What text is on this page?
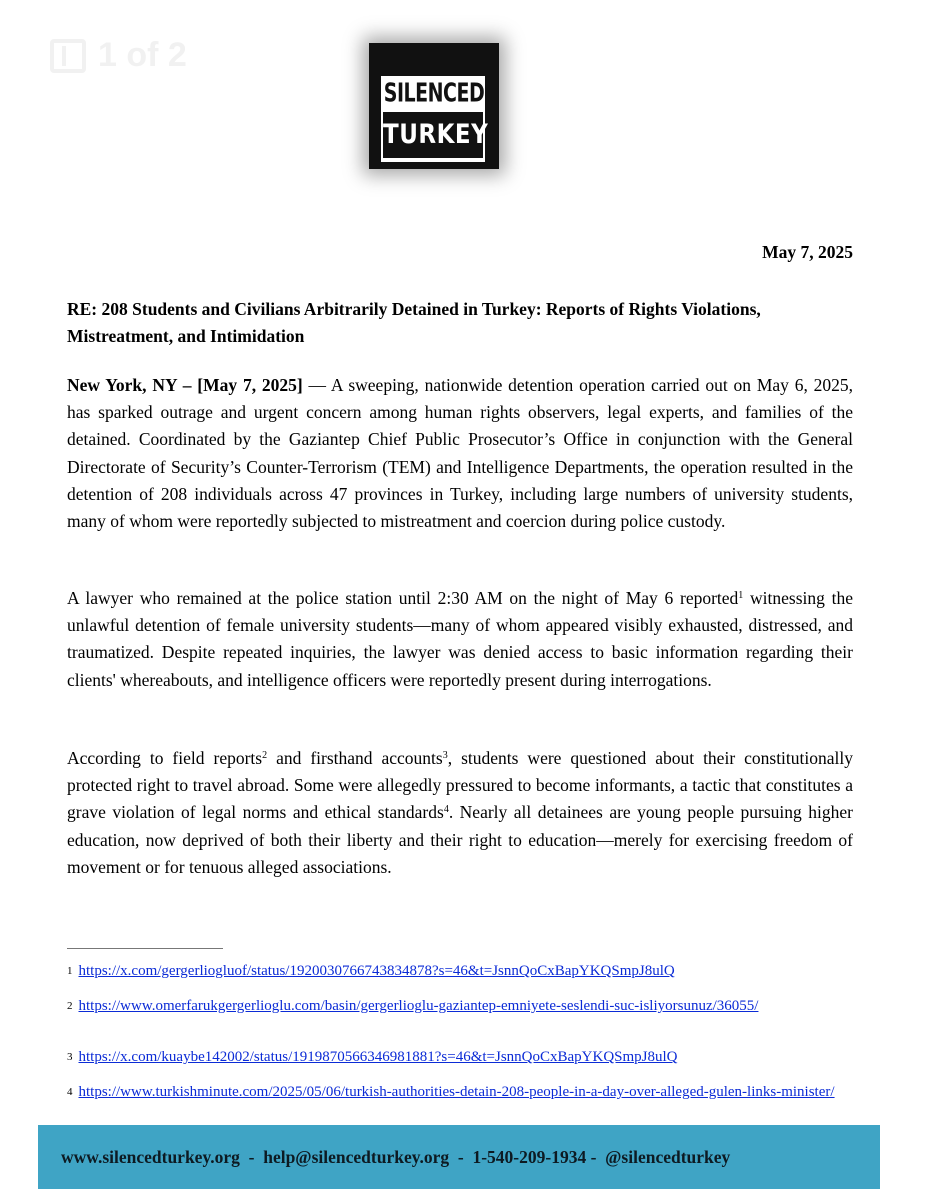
1 of 2
SILENCED
TURKEY
May 7, 2025

RE: 208 Students and Civilians Arbitrarily Detained in Turkey: Reports of Rights Violations, Mistreatment, and Intimidation

New York, NY – [May 7, 2025] — A sweeping, nationwide detention operation carried out on May 6, 2025, has sparked outrage and urgent concern among human rights observers, legal experts, and families of the detained. Coordinated by the Gaziantep Chief Public Prosecutor’s Office in conjunction with the General Directorate of Security’s Counter-Terrorism (TEM) and Intelligence Departments, the operation resulted in the detention of 208 individuals across 47 provinces in Turkey, including large numbers of university students, many of whom were reportedly subjected to mistreatment and coercion during police custody.

A lawyer who remained at the police station until 2:30 AM on the night of May 6 reported$^1$ witnessing the unlawful detention of female university students—many of whom appeared visibly exhausted, distressed, and traumatized. Despite repeated inquiries, the lawyer was denied access to basic information regarding their clients' whereabouts, and intelligence officers were reportedly present during interrogations.

According to field reports$^2$ and firsthand accounts$^3$, students were questioned about their constitutionally protected right to travel abroad. Some were allegedly pressured to become informants, a tactic that constitutes a grave violation of legal norms and ethical standards$^4$. Nearly all detainees are young people pursuing higher education, now deprived of both their liberty and their right to education—merely for exercising freedom of movement or for tenuous alleged associations.

1 https://x.com/gergerliogluof/status/1920030766743834878?s=46&t=JsnnQoCxBapYKQSmpJ8ulQ

2 https://www.omerfarukgergerlioglu.com/basin/gergerlioglu-gaziantep-emniyete-seslendi-suc-isliyorsunuz/36055/

3 https://x.com/kuaybe142002/status/1919870566346981881?s=46&t=JsnnQoCxBapYKQSmpJ8ulQ

4 https://www.turkishminute.com/2025/05/06/turkish-authorities-detain-208-people-in-a-day-over-alleged-gulen-links-minister/

www.silencedturkey.org  -  help@silencedturkey.org  -  1-540-209-1934 -  @silencedturkey
